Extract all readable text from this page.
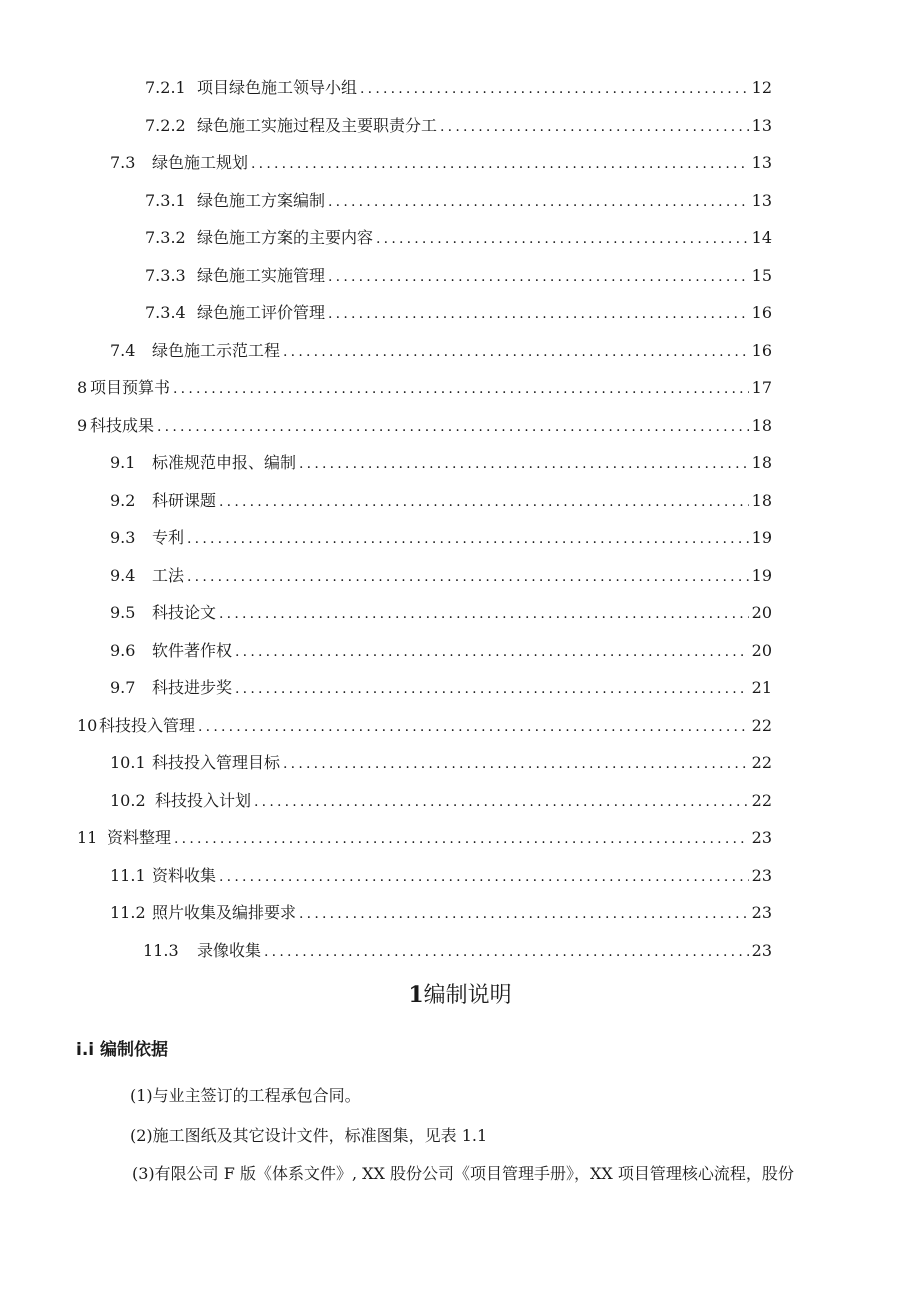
7.2.1 项目绿色施工领导小组 .....	12
7.2.2 绿色施工实施过程及主要职责分工 .....	13
7.3	绿色施工规划 .....	13
7.3.1 绿色施工方案编制 .....	13
7.3.2 绿色施工方案的主要内容 .....	14
7.3.3 绿色施工实施管理 .....	15
7.3.4 绿色施工评价管理 .....	16
7.4	绿色施工示范工程 .....	16
8 项目预算书 .....	17
9 科技成果 .....	18
9.1	标准规范申报、编制 .....	18
9.2	科研课题 .....	18
9.3	专利 .....	19
9.4	工法 .....	19
9.5	科技论文 .....	20
9.6	软件著作权 .....	20
9.7	科技进步奖 .....	21
10 科技投入管理 .....	22
10.1 科技投入管理目标 .....	22
10.2 科技投入计划 .....	22
11 资料整理 .....	23
11.1 资料收集 .....	23
11.2 照片收集及编排要求 .....	23
11.3	录像收集 .....	23
1编制说明
i.i 编制依据
(1)与业主签订的工程承包合同。
(2)施工图纸及其它设计文件，标准图集，见表 1.1
(3)有限公司 F 版《体系文件》, XX 股份公司《项目管理手册》，XX 项目管理核心流程，股份
